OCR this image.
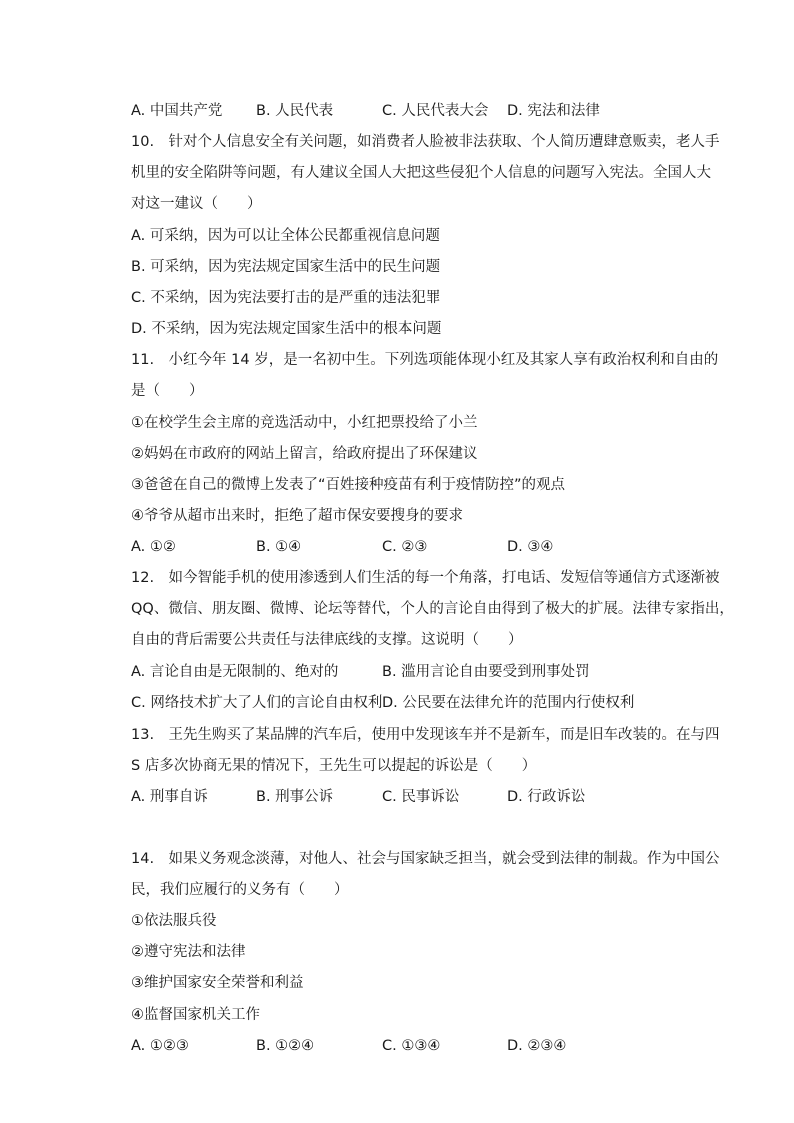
A. 中国共产党 B. 人民代表	C. 人民代表大会 D. 宪法和法律
10.　针对个人信息安全有关问题，如消费者人脸被非法获取、个人简历遭肆意贩卖，老人手
机里的安全陷阱等问题，有人建议全国人大把这些侵犯个人信息的问题写入宪法。全国人大
对这一建议（　　）
A. 可采纳，因为可以让全体公民都重视信息问题
B. 可采纳，因为宪法规定国家生活中的民生问题
C. 不采纳，因为宪法要打击的是严重的违法犯罪
D. 不采纳，因为宪法规定国家生活中的根本问题
11.　小红今年 14 岁，是一名初中生。下列选项能体现小红及其家人享有政治权利和自由的
是（　　）
①在校学生会主席的竞选活动中，小红把票投给了小兰
②妈妈在市政府的网站上留言，给政府提出了环保建议
③爸爸在自己的微博上发表了“百姓接种疫苗有利于疫情防控”的观点
④爷爷从超市出来时，拒绝了超市保安要搜身的要求
A. ①②	B. ①④	C. ②③	D. ③④
12.　如今智能手机的使用渗透到人们生活的每一个角落，打电话、发短信等通信方式逐渐被
QQ、微信、朋友圈、微博、论坛等替代，个人的言论自由得到了极大的扩展。法律专家指出，
自由的背后需要公共责任与法律底线的支撑。这说明（　　）
A. 言论自由是无限制的、绝对的	B. 滥用言论自由要受到刑事处罚
C. 网络技术扩大了人们的言论自由权利 D. 公民要在法律允许的范围内行使权利
13.　王先生购买了某品牌的汽车后，使用中发现该车并不是新车，而是旧车改装的。在与四
S 店多次协商无果的情况下，王先生可以提起的诉讼是（　　）
A. 刑事自诉	B. 刑事公诉	C. 民事诉讼	D. 行政诉讼
14.　如果义务观念淡薄，对他人、社会与国家缺乏担当，就会受到法律的制裁。作为中国公
民，我们应履行的义务有（　　）
①依法服兵役
②遵守宪法和法律
③维护国家安全荣誉和利益
④监督国家机关工作
A. ①②③	B. ①②④	C. ①③④	D. ②③④
